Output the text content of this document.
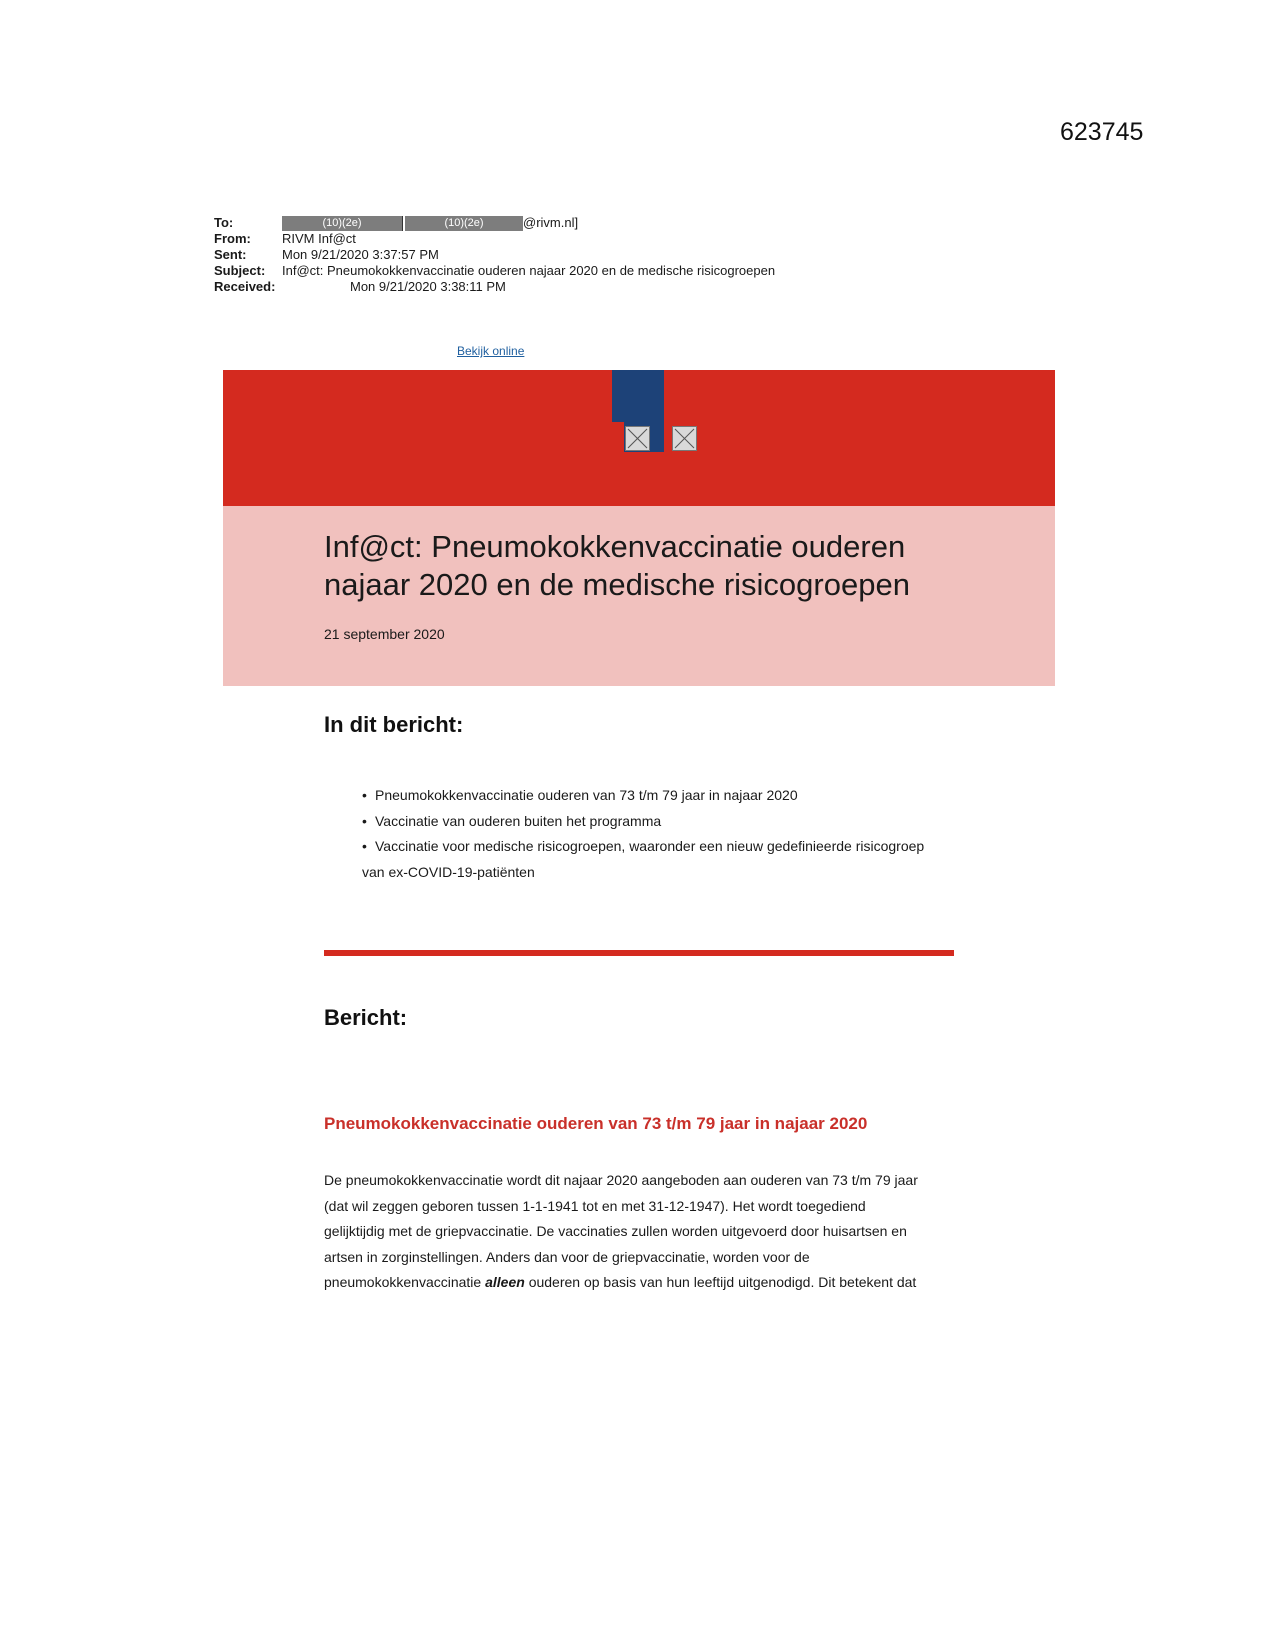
623745
To:	(10)(2e)	(10)(2e)	@rivm.nl]
From:	RIVM Inf@ct
Sent:	Mon 9/21/2020 3:37:57 PM
Subject:	Inf@ct: Pneumokokkenvaccinatie ouderen najaar 2020 en de medische risicogroepen
Received:	Mon 9/21/2020 3:38:11 PM
Bekijk online
Inf@ct: Pneumokokkenvaccinatie ouderen
najaar 2020 en de medische risicogroepen
21 september 2020
In dit bericht:
• Pneumokokkenvaccinatie ouderen van 73 t/m 79 jaar in najaar 2020
• Vaccinatie van ouderen buiten het programma
• Vaccinatie voor medische risicogroepen, waaronder een nieuw gedefinieerde risicogroep
van ex-COVID-19-patiënten
Bericht:
Pneumokokkenvaccinatie ouderen van 73 t/m 79 jaar in najaar 2020
De pneumokokkenvaccinatie wordt dit najaar 2020 aangeboden aan ouderen van 73 t/m 79 jaar
(dat wil zeggen geboren tussen 1-1-1941 tot en met 31-12-1947). Het wordt toegediend
gelijktijdig met de griepvaccinatie. De vaccinaties zullen worden uitgevoerd door huisartsen en
artsen in zorginstellingen. Anders dan voor de griepvaccinatie, worden voor de
pneumokokkenvaccinatie alleen ouderen op basis van hun leeftijd uitgenodigd. Dit betekent dat
